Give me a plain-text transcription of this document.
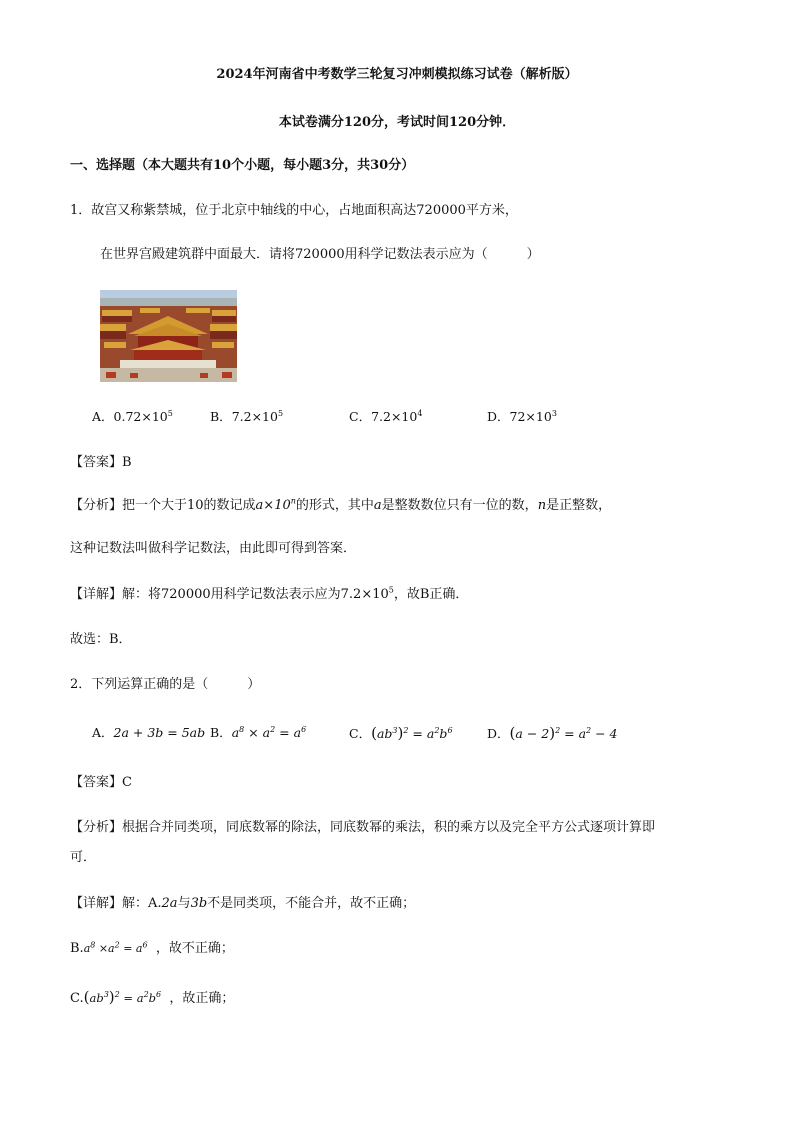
2024年河南省中考数学三轮复习冲刺模拟练习试卷（解析版）
本试卷满分120分，考试时间120分钟．
一、选择题（本大题共有10个小题，每小题3分，共30分）
1．故宫又称紫禁城，位于北京中轴线的中心，占地面积高达720000平方米，
在世界宫殿建筑群中面最大．请将720000用科学记数法表示应为（　　　）
A．$0.72\times 10^5$	B．$7.2\times 10^5$	C．$7.2\times 10^4$	D．$72\times 10^3$
【答案】B
【分析】把一个大于10的数记成$a\times 10^n$的形式，其中a是整数数位只有一位的数，n是正整数，
这种记数法叫做科学记数法，由此即可得到答案．
【详解】解：将720000用科学记数法表示应为$7.2\times 10^5$，故B正确．
故选：B．
2．下列运算正确的是（　　　）
A．2a + 3b = 5ab B．$a^8 \times a^2 = a^6$	C．$(ab^3)^2 = a^2b^6$	D．$(a - 2)^2 = a^2 - 4$
【答案】C
【分析】根据合并同类项，同底数幂的除法，同底数幂的乘法，积的乘方以及完全平方公式逐项计算即
可．
【详解】解：A.2a与3b不是同类项，不能合并，故不正确；
$B.a^8 \times a^2 = a^6$ ，故不正确；
$C.(ab^3)^2 = a^2b^6$ ，故正确；
